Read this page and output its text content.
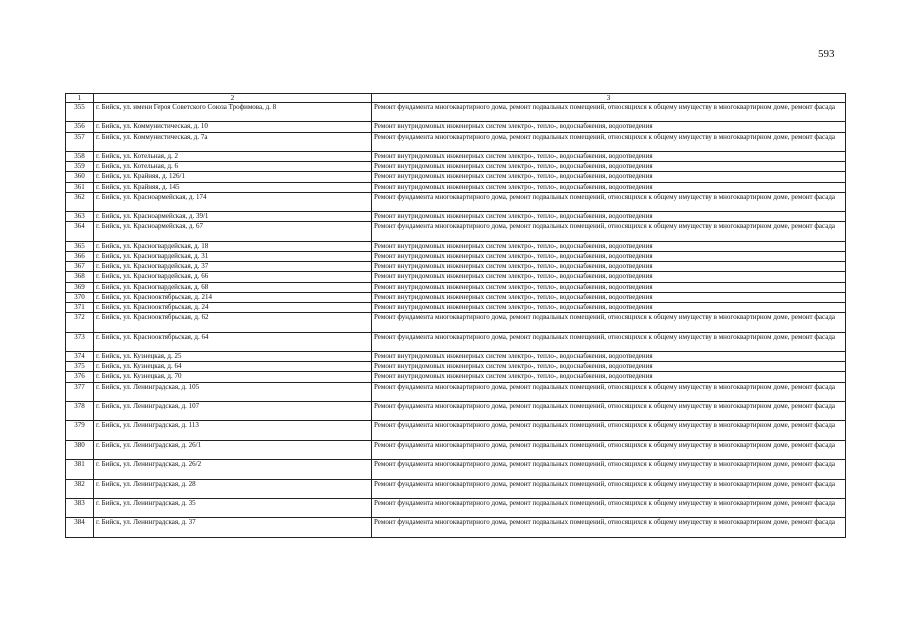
593
1	2	3
355	г. Бийск, ул. имени Героя Советского Союза Трофимова, д. 8	Ремонт фундамента многоквартирного дома, ремонт подвальных помещений, относящихся к общему имуществу в многоквартирном доме, ремонт фасада
356	г. Бийск, ул. Коммунистическая, д. 10	Ремонт внутридомовых инженерных систем электро-, тепло-, водоснабжения, водоотведения
357	г. Бийск, ул. Коммунистическая, д. 7а	Ремонт фундамента многоквартирного дома, ремонт подвальных помещений, относящихся к общему имуществу в многоквартирном доме, ремонт фасада
358	г. Бийск, ул. Котельная, д. 2	Ремонт внутридомовых инженерных систем электро-, тепло-, водоснабжения, водоотведения
359	г. Бийск, ул. Котельная, д. 6	Ремонт внутридомовых инженерных систем электро-, тепло-, водоснабжения, водоотведения
360	г. Бийск, ул. Крайняя, д. 126/1	Ремонт внутридомовых инженерных систем электро-, тепло-, водоснабжения, водоотведения
361	г. Бийск, ул. Крайняя, д. 145	Ремонт внутридомовых инженерных систем электро-, тепло-, водоснабжения, водоотведения
362	г. Бийск, ул. Красноармейская, д. 174	Ремонт фундамента многоквартирного дома, ремонт подвальных помещений, относящихся к общему имуществу в многоквартирном доме, ремонт фасада
363	г. Бийск, ул. Красноармейская, д. 39/1	Ремонт внутридомовых инженерных систем электро-, тепло-, водоснабжения, водоотведения
364	г. Бийск, ул. Красноармейская, д. 67	Ремонт фундамента многоквартирного дома, ремонт подвальных помещений, относящихся к общему имуществу в многоквартирном доме, ремонт фасада
365	г. Бийск, ул. Красногвардейская, д. 18	Ремонт внутридомовых инженерных систем электро-, тепло-, водоснабжения, водоотведения
366	г. Бийск, ул. Красногвардейская, д. 31	Ремонт внутридомовых инженерных систем электро-, тепло-, водоснабжения, водоотведения
367	г. Бийск, ул. Красногвардейская, д. 37	Ремонт внутридомовых инженерных систем электро-, тепло-, водоснабжения, водоотведения
368	г. Бийск, ул. Красногвардейская, д. 66	Ремонт внутридомовых инженерных систем электро-, тепло-, водоснабжения, водоотведения
369	г. Бийск, ул. Красногвардейская, д. 68	Ремонт внутридомовых инженерных систем электро-, тепло-, водоснабжения, водоотведения
370	г. Бийск, ул. Краснооктябрьская, д. 214	Ремонт внутридомовых инженерных систем электро-, тепло-, водоснабжения, водоотведения
371	г. Бийск, ул. Краснооктябрьская, д. 24	Ремонт внутридомовых инженерных систем электро-, тепло-, водоснабжения, водоотведения
372	г. Бийск, ул. Краснооктябрьская, д. 62	Ремонт фундамента многоквартирного дома, ремонт подвальных помещений, относящихся к общему имуществу в многоквартирном доме, ремонт фасада
373	г. Бийск, ул. Краснооктябрьская, д. 64	Ремонт фундамента многоквартирного дома, ремонт подвальных помещений, относящихся к общему имуществу в многоквартирном доме, ремонт фасада
374	г. Бийск, ул. Кузнецкая, д. 25	Ремонт внутридомовых инженерных систем электро-, тепло-, водоснабжения, водоотведения
375	г. Бийск, ул. Кузнецкая, д. 64	Ремонт внутридомовых инженерных систем электро-, тепло-, водоснабжения, водоотведения
376	г. Бийск, ул. Кузнецкая, д. 70	Ремонт внутридомовых инженерных систем электро-, тепло-, водоснабжения, водоотведения
377	г. Бийск, ул. Ленинградская, д. 105	Ремонт фундамента многоквартирного дома, ремонт подвальных помещений, относящихся к общему имуществу в многоквартирном доме, ремонт фасада
378	г. Бийск, ул. Ленинградская, д. 107	Ремонт фундамента многоквартирного дома, ремонт подвальных помещений, относящихся к общему имуществу в многоквартирном доме, ремонт фасада
379	г. Бийск, ул. Ленинградская, д. 113	Ремонт фундамента многоквартирного дома, ремонт подвальных помещений, относящихся к общему имуществу в многоквартирном доме, ремонт фасада
380	г. Бийск, ул. Ленинградская, д. 26/1	Ремонт фундамента многоквартирного дома, ремонт подвальных помещений, относящихся к общему имуществу в многоквартирном доме, ремонт фасада
381	г. Бийск, ул. Ленинградская, д. 26/2	Ремонт фундамента многоквартирного дома, ремонт подвальных помещений, относящихся к общему имуществу в многоквартирном доме, ремонт фасада
382	г. Бийск, ул. Ленинградская, д. 28	Ремонт фундамента многоквартирного дома, ремонт подвальных помещений, относящихся к общему имуществу в многоквартирном доме, ремонт фасада
383	г. Бийск, ул. Ленинградская, д. 35	Ремонт фундамента многоквартирного дома, ремонт подвальных помещений, относящихся к общему имуществу в многоквартирном доме, ремонт фасада
384	г. Бийск, ул. Ленинградская, д. 37	Ремонт фундамента многоквартирного дома, ремонт подвальных помещений, относящихся к общему имуществу в многоквартирном доме, ремонт фасада
